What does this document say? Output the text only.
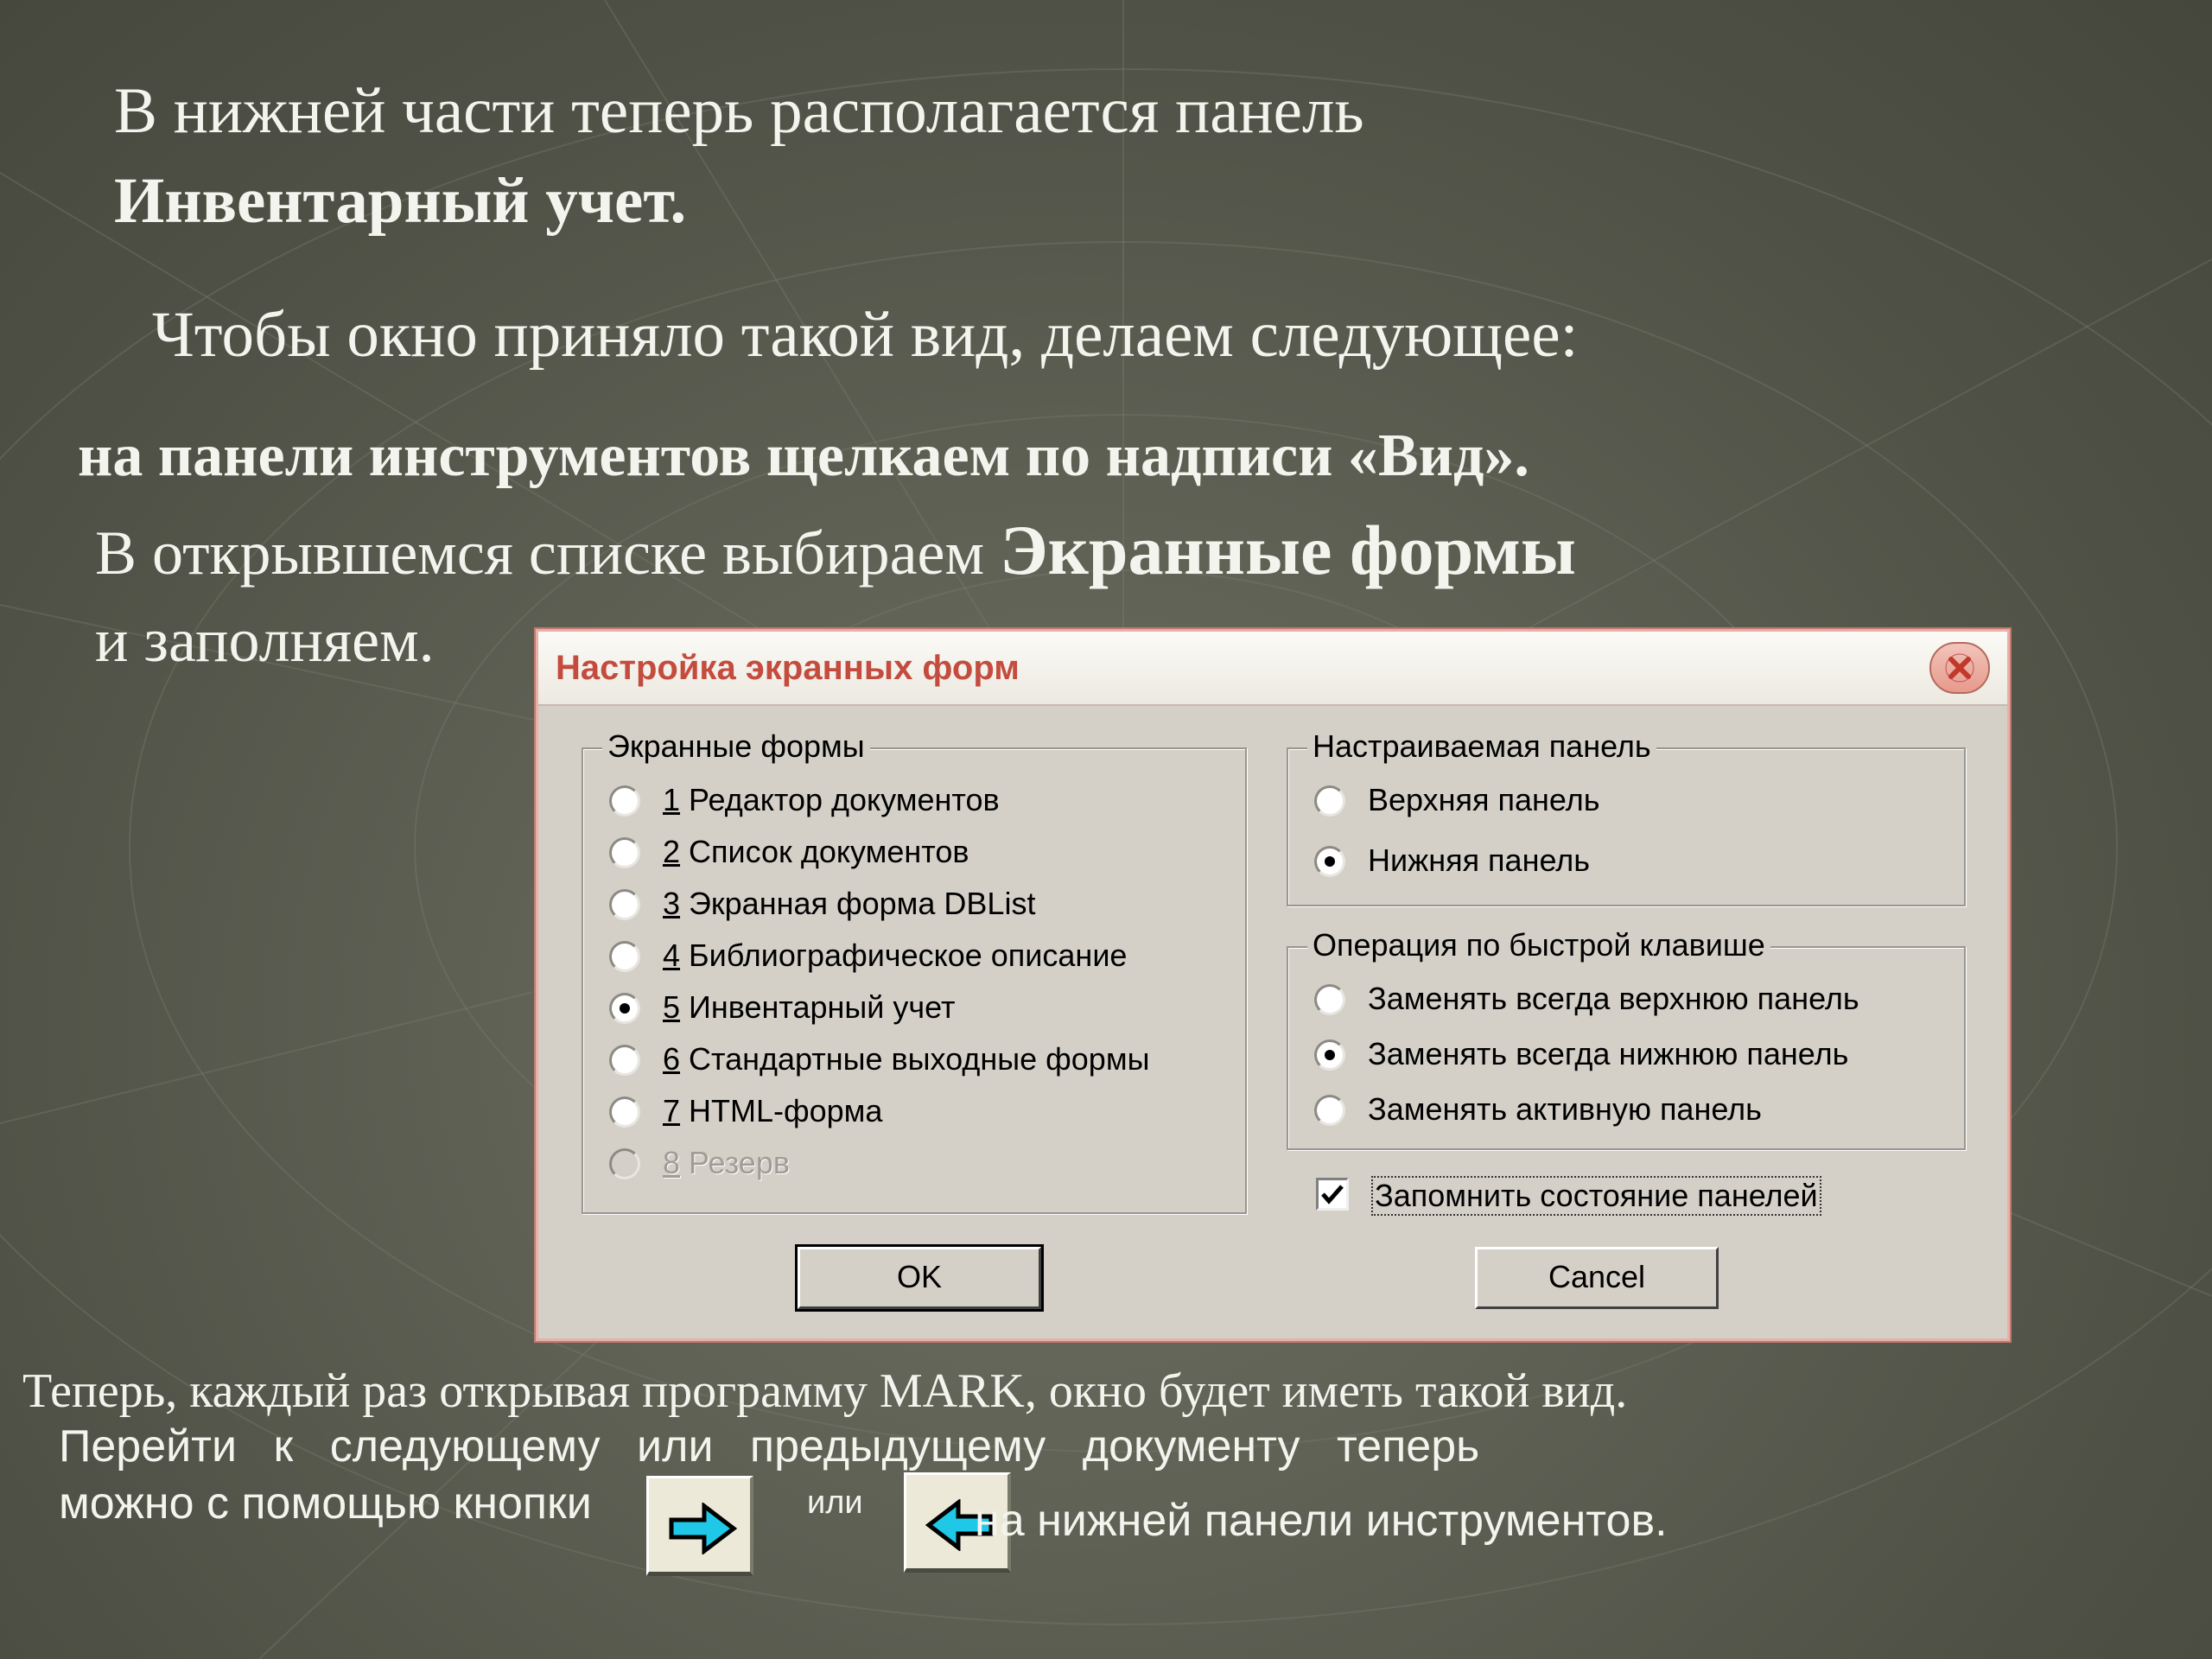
В нижней части теперь располагается панель
Инвентарный учет.
Чтобы окно приняло такой вид, делаем следующее:
на панели инструментов щелкаем по надписи «Вид».
В открывшемся списке выбираем Экранные формы
и заполняем.	Настройка экранных форм
Экранные формы
1 Редактор документов
2 Список документов
3 Экранная форма DBList
4 Библиографическое описание
5 Инвентарный учет
6 Стандартные выходные формы
7 HTML-форма
8 Резерв
Настраиваемая панель
Верхняя панель
Нижняя панель
Операция по быстрой клавише
Заменять всегда верхнюю панель
Заменять всегда нижнюю панель
Заменять активную панель
Запомнить состояние панелей
OK	Cancel
Теперь, каждый раз открывая программу MARK, окно будет иметь такой вид.
Перейти к следующему или предыдущему документу теперь
можно с помощью кнопки	или на нижней панели инструментов.
